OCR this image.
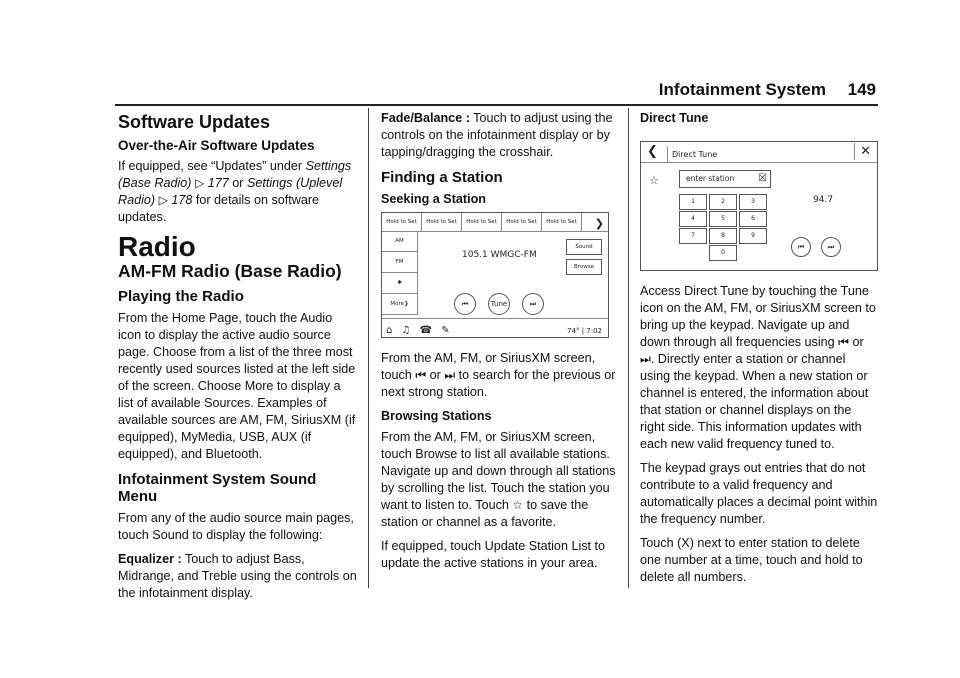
Infotainment System 149
Software Updates
Over-the-Air Software Updates

If equipped, see “Updates” under Settings (Base Radio) ▷ 177 or Settings (Uplevel Radio) ▷ 178 for details on software updates.

Radio
AM-FM Radio (Base Radio)
Playing the Radio

From the Home Page, touch the Audio icon to display the active audio source page. Choose from a list of the three most recently used sources listed at the left side of the screen. Choose More to display a list of available Sources. Examples of available sources are AM, FM, SiriusXM (if equipped), MyMedia, USB, AUX (if equipped), and Bluetooth.

Infotainment System Sound Menu

From any of the audio source main pages, touch Sound to display the following:

Equalizer : Touch to adjust Bass, Midrange, and Treble using the controls on the infotainment display.

Fade/Balance : Touch to adjust using the controls on the infotainment display or by tapping/dragging the crosshair.

Finding a Station
Seeking a Station
Hold to Set	Hold to Set	Hold to Set	Hold to Set	Hold to Set	❯
AM
FM
✱
More❯
105.1 WMGC-FM
Sound
Browse
⏮	Tune	⏭
⌂ ♫ ☎ ✎	74° | 7:02

From the AM, FM, or SiriusXM screen, touch ⏮ or ⏭ to search for the previous or next strong station.

Browsing Stations

From the AM, FM, or SiriusXM screen, touch Browse to list all available stations. Navigate up and down through all stations by scrolling the list. Touch the station you want to listen to. Touch ☆ to save the station or channel as a favorite.

If equipped, touch Update Station List to update the active stations in your area.

Direct Tune
❮	Direct Tune	✕
☆	enter station ☒
1	2	3
4	5	6
7	8	9
0
94.7
⏮	⏭

Access Direct Tune by touching the Tune icon on the AM, FM, or SiriusXM screen to bring up the keypad. Navigate up and down through all frequencies using ⏮ or ⏭. Directly enter a station or channel using the keypad. When a new station or channel is entered, the information about that station or channel displays on the right side. This information updates with each new valid frequency tuned to.

The keypad grays out entries that do not contribute to a valid frequency and automatically places a decimal point within the frequency number.

Touch (X) next to enter station to delete one number at a time, touch and hold to delete all numbers.
